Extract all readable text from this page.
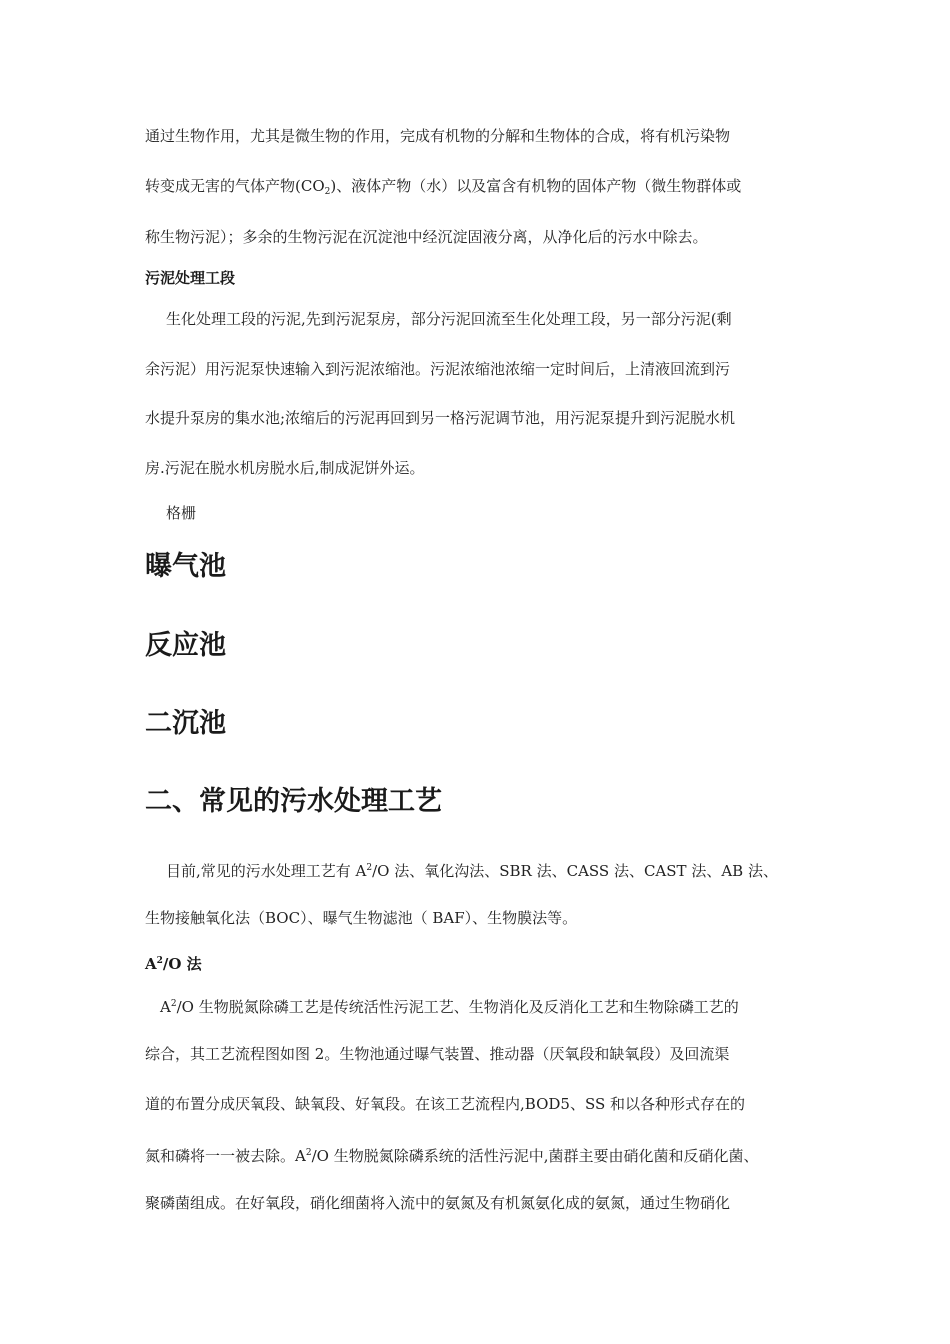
通过生物作用，尤其是微生物的作用，完成有机物的分解和生物体的合成，将有机污染物
转变成无害的气体产物$(CO_2)$、液体产物（水）以及富含有机物的固体产物（微生物群体或
称生物污泥）；多余的生物污泥在沉淀池中经沉淀固液分离，从净化后的污水中除去。
污泥处理工段
生化处理工段的污泥,先到污泥泵房，部分污泥回流至生化处理工段，另一部分污泥(剩
余污泥）用污泥泵快速输入到污泥浓缩池。污泥浓缩池浓缩一定时间后，上清液回流到污
水提升泵房的集水池;浓缩后的污泥再回到另一格污泥调节池，用污泥泵提升到污泥脱水机
房.污泥在脱水机房脱水后,制成泥饼外运。
格栅
曝气池
反应池
二沉池
二、常见的污水处理工艺
目前,常见的污水处理工艺有 $A^2/O$ 法、氧化沟法、SBR 法、CASS 法、CAST 法、AB 法、
生物接触氧化法（BOC）、曝气生物滤池（ BAF）、生物膜法等。
$A^2/O$ 法
$A^2/O$ 生物脱氮除磷工艺是传统活性污泥工艺、生物消化及反消化工艺和生物除磷工艺的
综合，其工艺流程图如图 2。生物池通过曝气装置、推动器（厌氧段和缺氧段）及回流渠
道的布置分成厌氧段、缺氧段、好氧段。在该工艺流程内,BOD5、SS 和以各种形式存在的
氮和磷将一一被去除。$A^2/O$ 生物脱氮除磷系统的活性污泥中,菌群主要由硝化菌和反硝化菌、
聚磷菌组成。在好氧段，硝化细菌将入流中的氨氮及有机氮氨化成的氨氮，通过生物硝化
